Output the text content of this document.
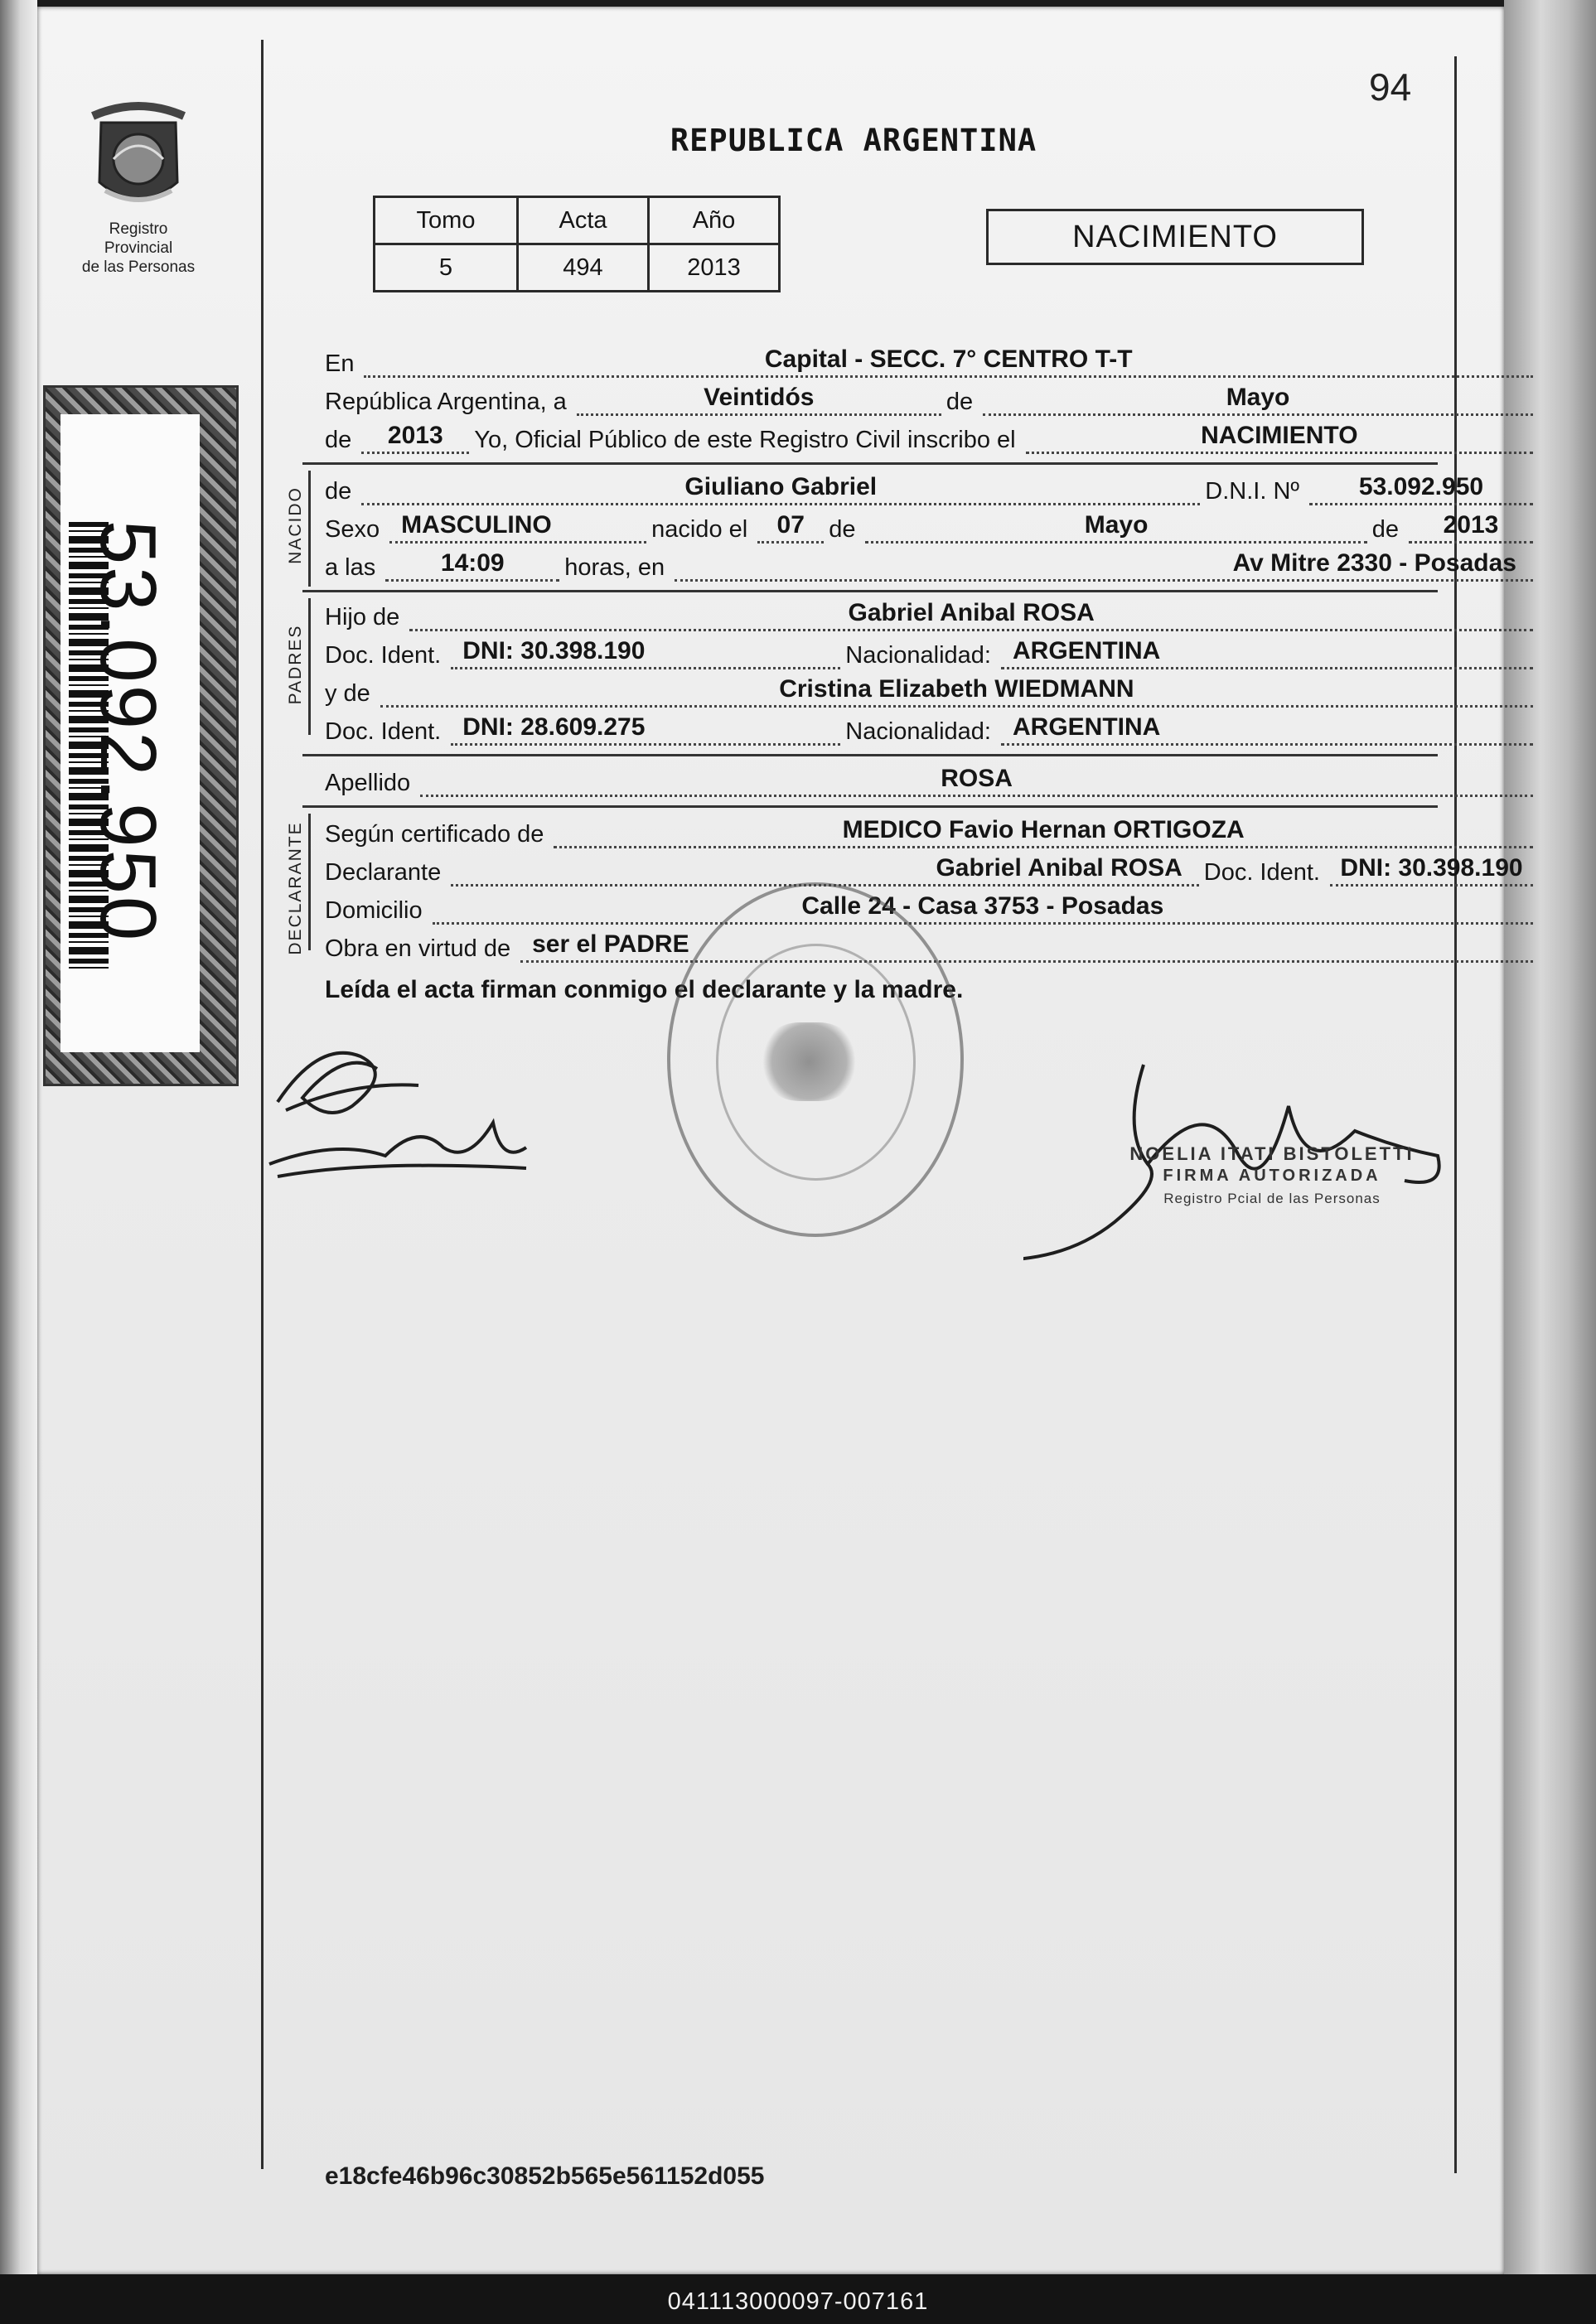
Registro Provincial
de las Personas
53.092.950
94
REPUBLICA ARGENTINA
Tomo	Acta	Año
5	494	2013
NACIMIENTO
En	Capital - SECC. 7° CENTRO T-T
República Argentina, a	Veintidós	de	Mayo
de	2013	Yo, Oficial Público de este Registro Civil inscribo el	NACIMIENTO
NACIDO de	Giuliano Gabriel	D.N.I. Nº	53.092.950
Sexo MASCULINO	nacido el	07	de	Mayo	de	2013
a las	14:09	horas, en	Av Mitre 2330 - Posadas
PADRES
Hijo de	Gabriel Anibal ROSA
Doc. Ident. DNI: 30.398.190	Nacionalidad: ARGENTINA
y de	Cristina Elizabeth WIEDMANN
Doc. Ident. DNI: 28.609.275	Nacionalidad: ARGENTINA
Apellido	ROSA
DECLARANTE Según certificado de	MEDICO Favio Hernan ORTIGOZA
Declarante	Gabriel Anibal ROSA Doc. Ident. DNI: 30.398.190
Domicilio	Calle 24 - Casa 3753 - Posadas
Obra en virtud de ser el PADRE
Leída el acta firman conmigo el declarante y la madre.
NOELIA ITATI BISTOLETTI
FIRMA AUTORIZADA
Registro Pcial de las Personas
e18cfe46b96c30852b565e561152d055
041113000097-007161
